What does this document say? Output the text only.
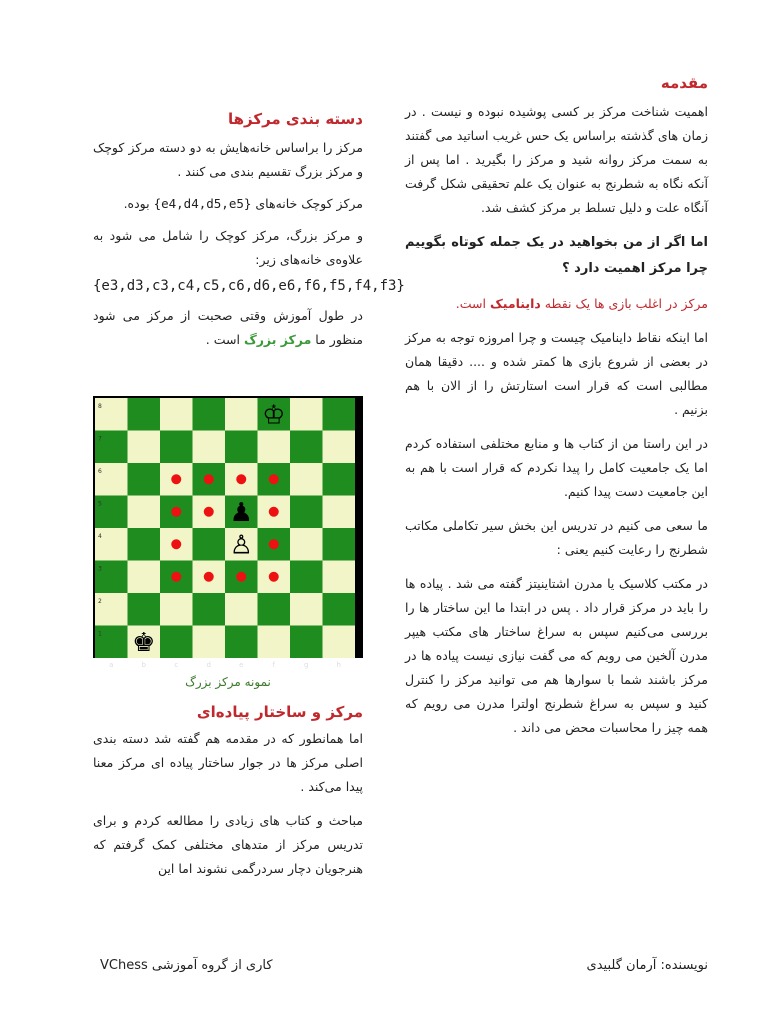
مقدمه

اهمیت شناخت مرکز بر کسی پوشیده نبوده و نیست . در زمان های گذشته براساس یک حس غریب اساتید می گفتند به سمت مرکز روانه شید و مرکز را بگیرید . اما پس از آنکه نگاه به شطرنج به عنوان یک علم تحقیقی شکل گرفت آنگاه علت و دلیل تسلط بر مرکز کشف شد.

اما اگر از من بخواهید در یک جمله کوتاه بگوییم چرا مرکز اهمیت دارد ؟

مرکز در اغلب بازی ها یک نقطه داینامیک است.

اما اینکه نقاط داینامیک چیست و چرا امروزه توجه به مرکز در بعضی از شروع بازی ها کمتر شده و .... دقیقا همان مطالبی است که قرار است استارتش را از الان با هم بزنیم .

در این راستا من از کتاب ها و منابع مختلفی استفاده کردم اما یک جامعیت کامل را پیدا نکردم که قرار است با هم به این جامعیت دست پیدا کنیم.

ما سعی می کنیم در تدریس این بخش سیر تکاملی مکاتب شطرنج را رعایت کنیم یعنی :

در مکتب کلاسیک یا مدرن اشتاینیتز گفته می شد . پیاده ها را باید در مرکز قرار داد . پس در ابتدا ما این ساختار ها را بررسی می‌کنیم سپس به سراغ ساختار های مکتب هیپر مدرن آلخین می رویم که می گفت نیازی نیست پیاده ها در مرکز باشند شما با سوارها هم می توانید مرکز را کنترل کنید و سپس به سراغ شطرنج اولترا مدرن می رویم که همه چیز را محاسبات محض می داند .

دسته بندی مرکزها

مرکز را براساس خانه‌هایش به دو دسته مرکز کوچک و مرکز بزرگ تقسیم بندی می کنند .

مرکز کوچک خانه‌های {e4,d4,d5,e5} بوده.

و مرکز بزرگ، مرکز کوچک را شامل می شود به علاوه‌ی خانه‌های زیر:

{e3,d3,c3,c4,c5,c6,d6,e6,f6,f5,f4,f3}

در طول آموزش وقتی صحبت از مرکز می شود منظور ما مرکز بزرگ است .

8
7
6
5
4
3
2
1
a	b	c	d	e	f	g	h
♔
♟
♙
♚
نمونه مرکز بزرگ

مرکز و ساختار پیاده‌ای

اما همانطور که در مقدمه هم گفته شد دسته بندی اصلی مرکز ها در جوار ساختار پیاده ای مرکز معنا پیدا می‌کند .

مباحث و کتاب های زیادی را مطالعه کردم و برای تدریس مرکز از متدهای مختلفی کمک گرفتم که هنرجویان دچار سردرگمی نشوند اما این

نویسنده: آرمان گلبیدی
کاری از گروه آموزشی VChess
